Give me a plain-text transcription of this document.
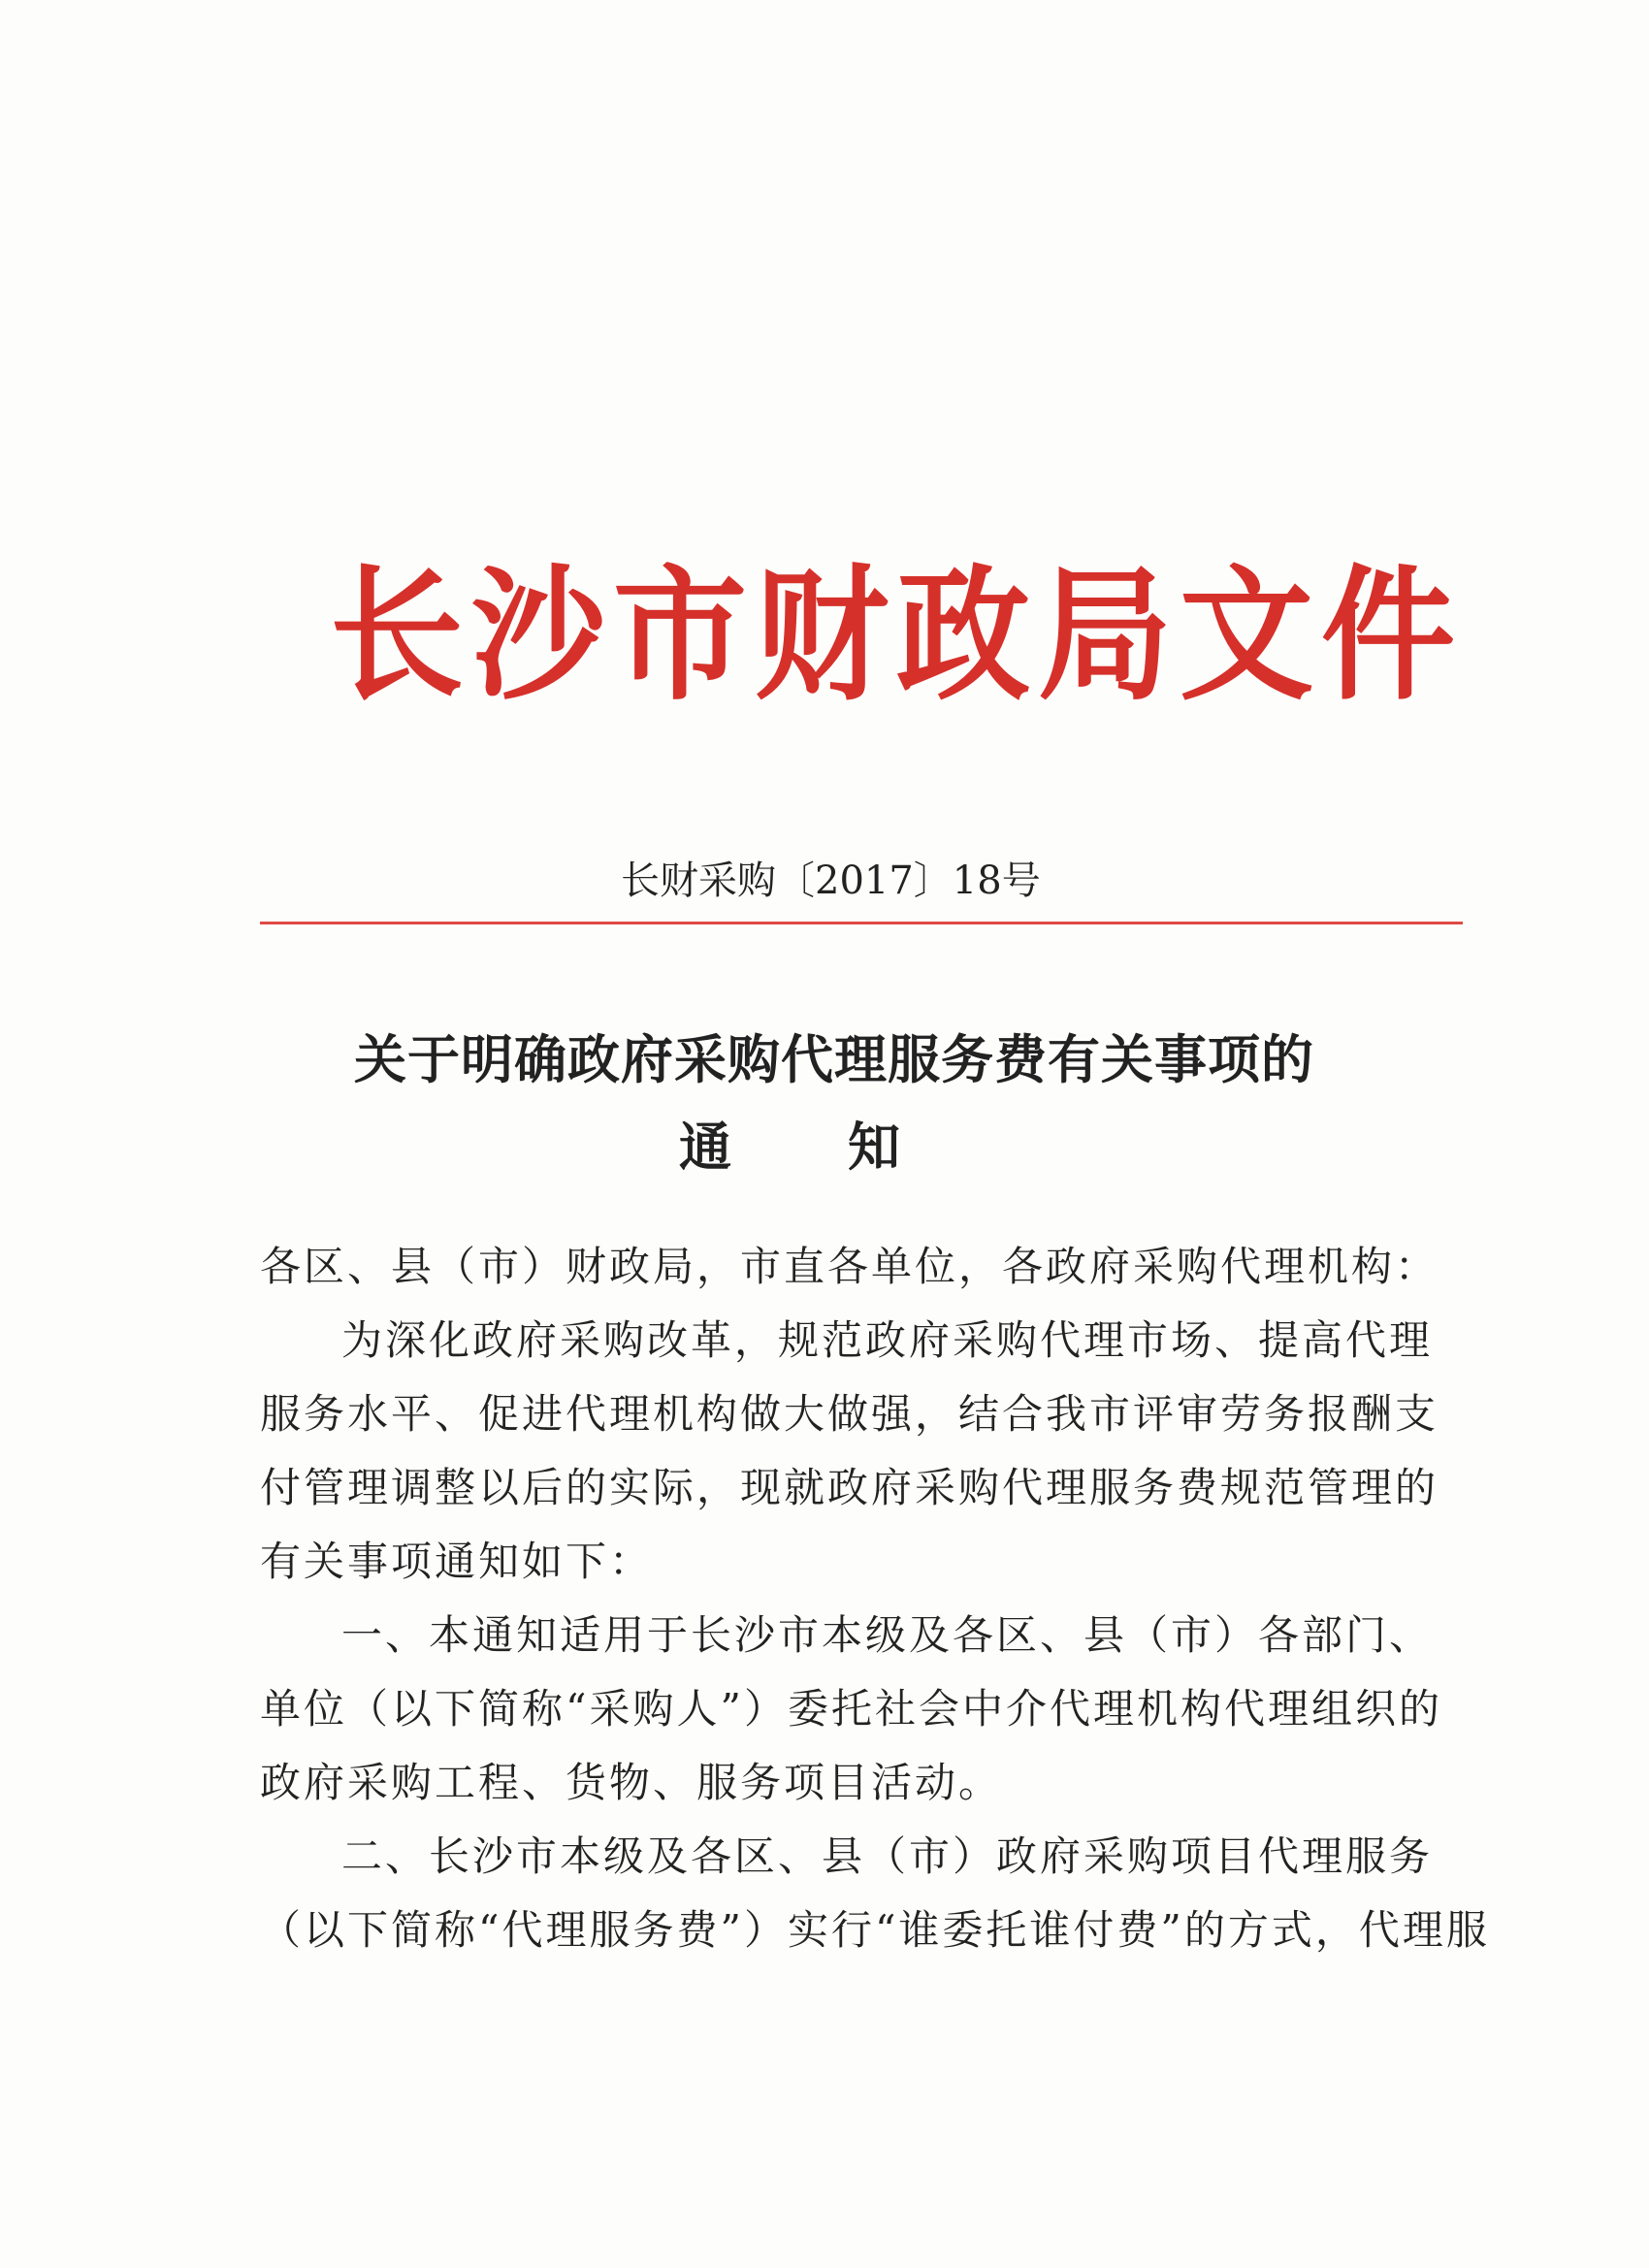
长沙市财政局文件
长财采购〔2017〕18号
关于明确政府采购代理服务费有关事项的
通知
各区、县（市）财政局，市直各单位，各政府采购代理机构：
为深化政府采购改革，规范政府采购代理市场、提高代理
服务水平、促进代理机构做大做强，结合我市评审劳务报酬支
付管理调整以后的实际，现就政府采购代理服务费规范管理的
有关事项通知如下：
一、本通知适用于长沙市本级及各区、县（市）各部门、
单位（以下简称“采购人”）委托社会中介代理机构代理组织的
政府采购工程、货物、服务项目活动。
二、长沙市本级及各区、县（市）政府采购项目代理服务
（以下简称“代理服务费”）实行“谁委托谁付费”的方式，代理服
